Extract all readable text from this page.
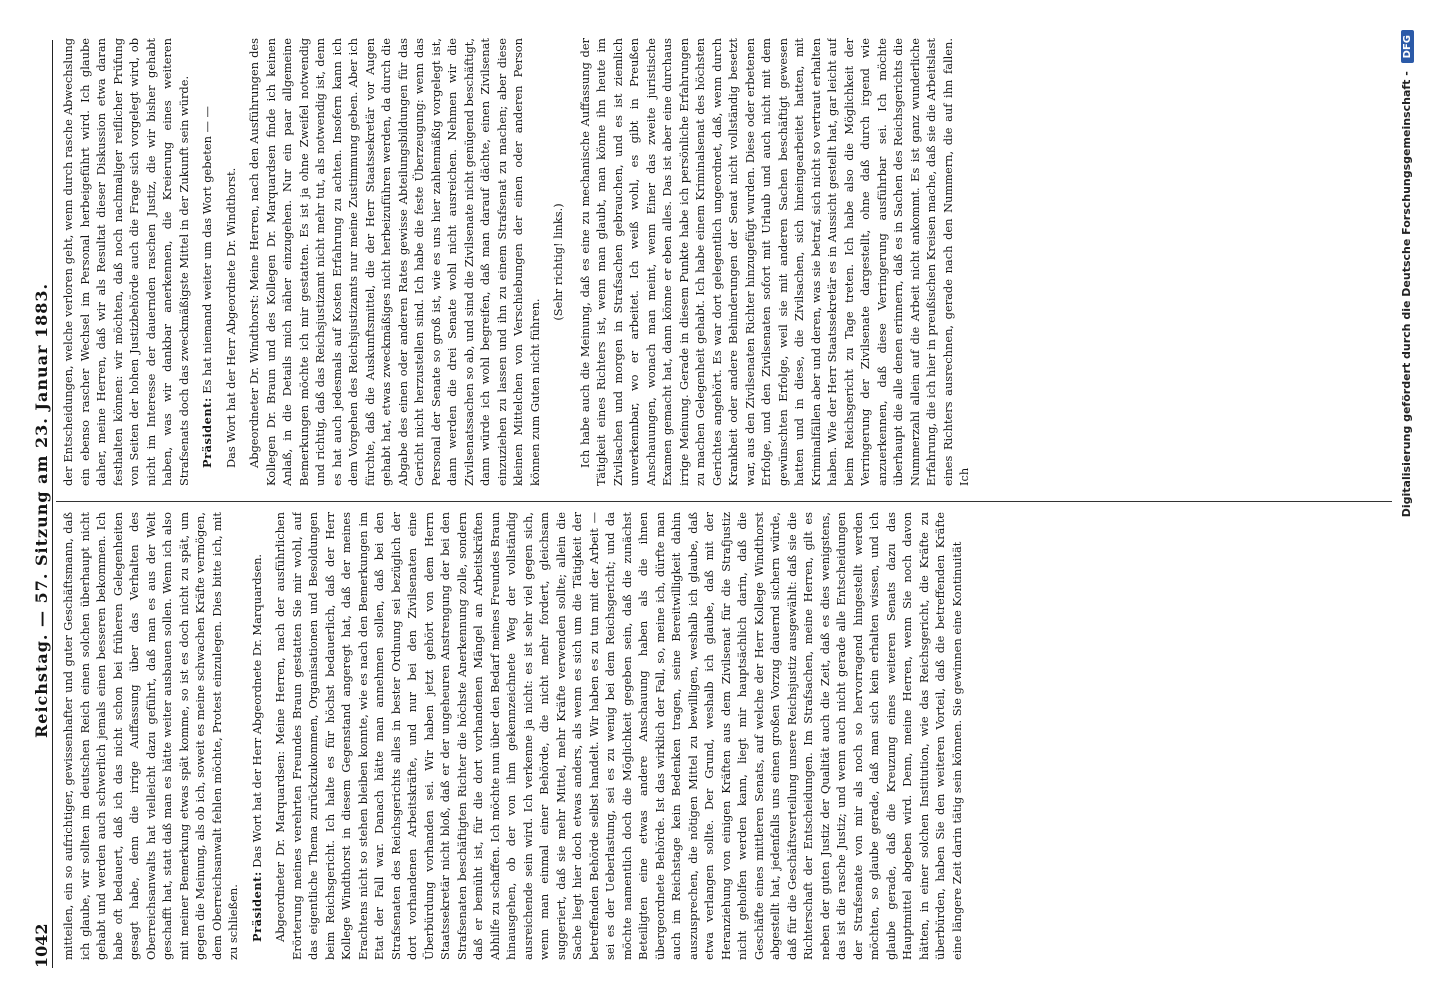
1042
Reichstag. — 57. Sitzung am 23. Januar 1883. mitteilen, ein so aufrichtiger, gewissenhafter und guter Geschäftsmann, daß ich glaube, wir sollten im deutschen Reich einen solchen überhaupt nicht gehabt und werden auch schwerlich jemals einen besseren bekommen. Ich habe oft bedauert, daß ich das nicht schon bei früheren Gelegenheiten gesagt habe, denn die irrige Auffassung über das Verhalten des Oberreichsanwalts hat vielleicht dazu geführt, daß man es aus der Welt geschafft hat, statt daß man es hätte weiter ausbauen sollen. Wenn ich also mit meiner Bemerkung etwas spät komme, so ist es doch nicht zu spät, um gegen die Meinung, als ob ich, soweit es meine schwachen Kräfte vermögen, dem Oberreichsanwalt fehlen möchte, Protest einzulegen. Dies bitte ich, mit zu schließen. Präsident: Das Wort hat der Herr Abgeordnete Dr. Marquardsen. Abgeordneter Dr. Marquardsen: Meine Herren, nach der ausführlichen Erörterung meines verehrten Freundes Braun gestatten Sie mir wohl, auf das eigentliche Thema zurückzukommen, Organisationen und Besoldungen beim Reichsgericht. Ich halte es für höchst bedauerlich, daß der Herr Kollege Windthorst in diesem Gegenstand angeregt hat, daß der meines Erachtens nicht so stehen bleiben konnte, wie es nach den Bemerkungen im Etat der Fall war. Danach hätte man annehmen sollen, daß bei den Strafsenaten des Reichsgerichts alles in bester Ordnung sei bezüglich der dort vorhandenen Arbeitskräfte, und nur bei den Zivilsenaten eine Überbürdung vorhanden sei. Wir haben jetzt gehört von dem Herrn Staatssekretär nicht bloß, daß er der ungeheuren Anstrengung der bei den Strafsenaten beschäftigten Richter die höchste Anerkennung zolle, sondern daß er bemüht ist, für die dort vorhandenen Mängel an Arbeitskräften Abhilfe zu schaffen. Ich möchte nun über den Bedarf meines Freundes Braun hinausgehen, ob der von ihm gekennzeichnete Weg der vollständig ausreichende sein wird. Ich verkenne ja nicht: es ist sehr viel gegen sich, wenn man einmal einer Behörde, die nicht mehr fordert, gleichsam suggeriert, daß sie mehr Mittel, mehr Kräfte verwenden sollte; allein die Sache liegt hier doch etwas anders, als wenn es sich um die Tätigkeit der betreffenden Behörde selbst handelt. Wir haben es zu tun mit der Arbeit — sei es der Ueberlastung, sei es zu wenig bei dem Reichsgericht; und da möchte namentlich doch die Möglichkeit gegeben sein, daß die zunächst Beteiligten eine etwas andere Anschauung haben als die ihnen übergeordnete Behörde. Ist das wirklich der Fall, so, meine ich, dürfte man auch im Reichstage kein Bedenken tragen, seine Bereitwilligkeit dahin auszusprechen, die nötigen Mittel zu bewilligen, weshalb ich glaube, daß etwa verlangen sollte. Der Grund, weshalb ich glaube, daß mit der Heranziehung von einigen Kräften aus dem Zivilsenat für die Strafjustiz nicht geholfen werden kann, liegt mir hauptsächlich darin, daß die Geschäfte eines mittleren Senats, auf welche der Herr Kollege Windthorst abgestellt hat, jedenfalls uns einen großen Vorzug dauernd sichern würde, daß für die Geschäftsverteilung unsere Reichsjustiz ausgewählt: daß sie die Richterschaft der Entscheidungen. Im Strafsachen, meine Herren, gilt es neben der guten Justiz der Qualität auch die Zeit, daß es dies wenigstens, das ist die rasche Justiz; und wenn auch nicht gerade alle Entscheidungen der Strafsenate von mir als noch so hervorragend hingestellt werden möchten, so glaube gerade, daß man sich kein erhalten wissen, und ich glaube gerade, daß die Kreuzung eines weiteren Senats dazu das Hauptmittel abgeben wird. Denn, meine Herren, wenn Sie noch davon hätten, in einer solchen Institution, wie das Reichsgericht, die Kräfte zu überbürden, haben Sie den weiteren Vorteil, daß die betreffenden Kräfte eine längere Zeit darin tätig sein können. Sie gewinnen eine Kontinuität

der Entscheidungen, welche verloren geht, wenn durch rasche Abwechslung ein ebenso rascher Wechsel im Personal herbeigeführt wird. Ich glaube daher, meine Herren, daß wir als Resultat dieser Diskussion etwa daran festhalten können: wir möchten, daß noch nachmaliger reiflicher Prüfung von Seiten der hohen Justizbehörde auch die Frage sich vorgelegt wird, ob nicht im Interesse der dauernden raschen Justiz, die wir bisher gehabt haben, was wir dankbar anerkennen, die Kreierung eines weiteren Strafsenats doch das zweckmäßigste Mittel in der Zukunft sein würde. Präsident: Es hat niemand weiter um das Wort gebeten — — Das Wort hat der Herr Abgeordnete Dr. Windthorst. Abgeordneter Dr. Windthorst: Meine Herren, nach den Ausführungen des Kollegen Dr. Braun und des Kollegen Dr. Marquardsen finde ich keinen Anlaß, in die Details mich näher einzugehen. Nur ein paar allgemeine Bemerkungen möchte ich mir gestatten. Es ist ja ohne Zweifel notwendig und richtig, daß das Reichsjustizamt nicht mehr tut, als notwendig ist, denn es hat auch jedesmals auf Kosten Erfahrung zu achten. Insofern kann ich dem Vorgehen des Reichsjustizamts nur meine Zustimmung geben. Aber ich fürchte, daß die Auskunftsmittel, die der Herr Staatssekretär vor Augen gehabt hat, etwas zweckmäßiges nicht herbeizuführen werden, da durch die Abgabe des einen oder anderen Rates gewisse Abteilungsbildungen für das Gericht nicht herzustellen sind. Ich habe die feste Überzeugung: wenn das Personal der Senate so groß ist, wie es uns hier zahlenmäßig vorgelegt ist, dann werden die drei Senate wohl nicht ausreichen. Nehmen wir die Zivilsenatssachen so ab, und sind die Zivilsenate nicht genügend beschäftigt, dann würde ich wohl begreifen, daß man darauf dächte, einen Zivilsenat einzuziehen zu lassen und ihn zu einem Strafsenat zu machen; aber diese kleinen Mittelchen von Verschiebungen der einen oder anderen Person können zum Guten nicht führen.

(Sehr richtig! links.) Ich habe auch die Meinung, daß es eine zu mechanische Auffassung der Tätigkeit eines Richters ist, wenn man glaubt, man könne ihn heute im Zivilsachen und morgen in Strafsachen gebrauchen, und es ist ziemlich unverkennbar, wo er arbeitet. Ich weiß wohl, es gibt in Preußen Anschauungen, wonach man meint, wenn Einer das zweite juristische Examen gemacht hat, dann könne er eben alles. Das ist aber eine durchaus irrige Meinung. Gerade in diesem Punkte habe ich persönliche Erfahrungen zu machen Gelegenheit gehabt. Ich habe einem Kriminalsenat des höchsten Gerichtes angehört. Es war dort gelegentlich ungeordnet, daß, wenn durch Krankheit oder andere Behinderungen der Senat nicht vollständig besetzt war, aus den Zivilsenaten Richter hinzugefügt wurden. Diese oder erbetenen Erfolge, und den Zivilsenaten sofort mit Urlaub und auch nicht mit dem gewünschten Erfolge, weil sie mit anderen Sachen beschäftigt gewesen hatten und in diese, die Zivilsachen, sich hineingearbeitet hatten, mit Kriminalfällen aber und deren, was sie betraf, sich nicht so vertraut erhalten haben. Wie der Herr Staatssekretär es in Aussicht gestellt hat, gar leicht auf beim Reichsgericht zu Tage treten. Ich habe also die Möglichkeit der Verringerung der Zivilsenate dargestellt, ohne daß durch irgend wie anzuerkennen, daß diese Verringerung ausführbar sei. Ich möchte überhaupt die alle denen erinnern, daß es in Sachen des Reichsgerichts die Nummerzahl allein auf die Arbeit nicht ankommt. Es ist ganz wunderliche Erfahrung, die ich hier in preußischen Kreisen mache, daß sie die Arbeitslast eines Richters ausrechnen, gerade nach den Nummern, die auf ihn fallen. Ich	Digitalisierung gefördert durch die Deutsche Forschungsgemeinschaft - DFG
